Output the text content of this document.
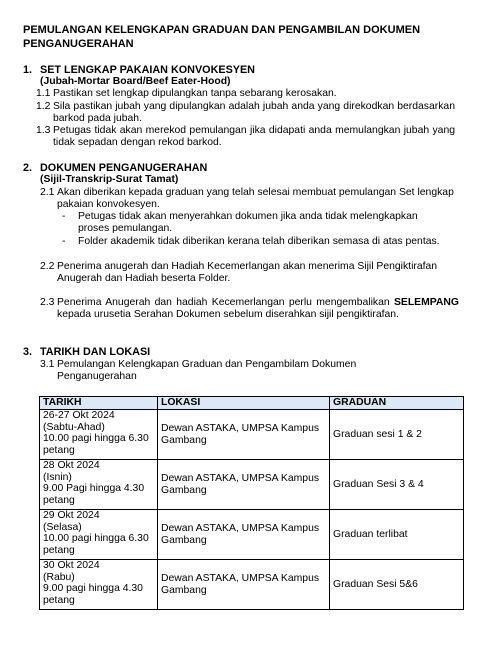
PEMULANGAN KELENGKAPAN GRADUAN DAN PENGAMBILAN DOKUMEN PENGANUGERAHAN
1. SET LENGKAP PAKAIAN KONVOKESYEN
(Jubah-Mortar Board/Beef Eater-Hood)
1.1 Pastikan set lengkap dipulangkan tanpa sebarang kerosakan.
1.2 Sila pastikan jubah yang dipulangkan adalah jubah anda yang direkodkan berdasarkan barkod pada jubah.
1.3 Petugas tidak akan merekod pemulangan jika didapati anda memulangkan jubah yang tidak sepadan dengan rekod barkod.
2. DOKUMEN PENGANUGERAHAN
(Sijil-Transkrip-Surat Tamat)
2.1 Akan diberikan kepada graduan yang telah selesai membuat pemulangan Set lengkap pakaian konvokesyen.
- Petugas tidak akan menyerahkan dokumen jika anda tidak melengkapkan proses pemulangan.
- Folder akademik tidak diberikan kerana telah diberikan semasa di atas pentas.
2.2 Penerima anugerah dan Hadiah Kecemerlangan akan menerima Sijil Pengiktirafan Anugerah dan Hadiah beserta Folder.
2.3 Penerima Anugerah dan hadiah Kecemerlangan perlu mengembalikan SELEMPANG kepada urusetia Serahan Dokumen sebelum diserahkan sijil pengiktirafan.
3. TARIKH DAN LOKASI
3.1 Pemulangan Kelengkapan Graduan dan Pengambilam Dokumen Penganugerahan
TARIKH	LOKASI	GRADUAN

26-27 Okt 2024
(Sabtu-Ahad)
10.00 pagi hingga 6.30 petang	Dewan ASTAKA, UMPSA Kampus Gambang	Graduan sesi 1 & 2

28 Okt 2024
(Isnin)
9.00 Pagi hingga 4.30 petang	Dewan ASTAKA, UMPSA Kampus Gambang	Graduan Sesi 3 & 4

29 Okt 2024
(Selasa)
10.00 pagi hingga 6.30 petang	Dewan ASTAKA, UMPSA Kampus Gambang	Graduan terlibat

30 Okt 2024
(Rabu)
9.00 pagi hingga 4.30 petang	Dewan ASTAKA, UMPSA Kampus Gambang	Graduan Sesi 5&6
